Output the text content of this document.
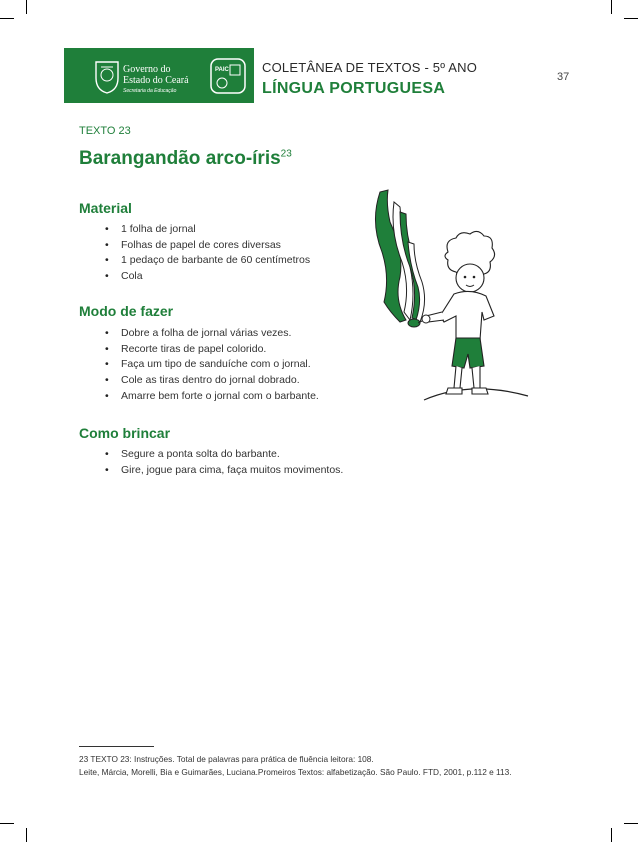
Governo do
Estado do Ceará
Secretaria da Educação
PAIC	COLETÂNEA DE TEXTOS - 5º ANO
LÍNGUA PORTUGUESA
37
TEXTO 23
Barangandão arco-íris$^{23}$
Material
• 1 folha de jornal
• Folhas de papel de cores diversas
• 1 pedaço de barbante de 60 centímetros
• Cola
Modo de fazer
• Dobre a folha de jornal várias vezes.
• Recorte tiras de papel colorido.
• Faça um tipo de sanduíche com o jornal.
• Cole as tiras dentro do jornal dobrado.
• Amarre bem forte o jornal com o barbante.
Como brincar
• Segure a ponta solta do barbante.
• Gire, jogue para cima, faça muitos movimentos.
23 TEXTO 23: Instruções. Total de palavras para prática de fluência leitora: 108.
Leite, Márcia, Morelli, Bia e Guimarães, Luciana.Promeiros Textos: alfabetização. São Paulo. FTD, 2001, p.112 e 113.
